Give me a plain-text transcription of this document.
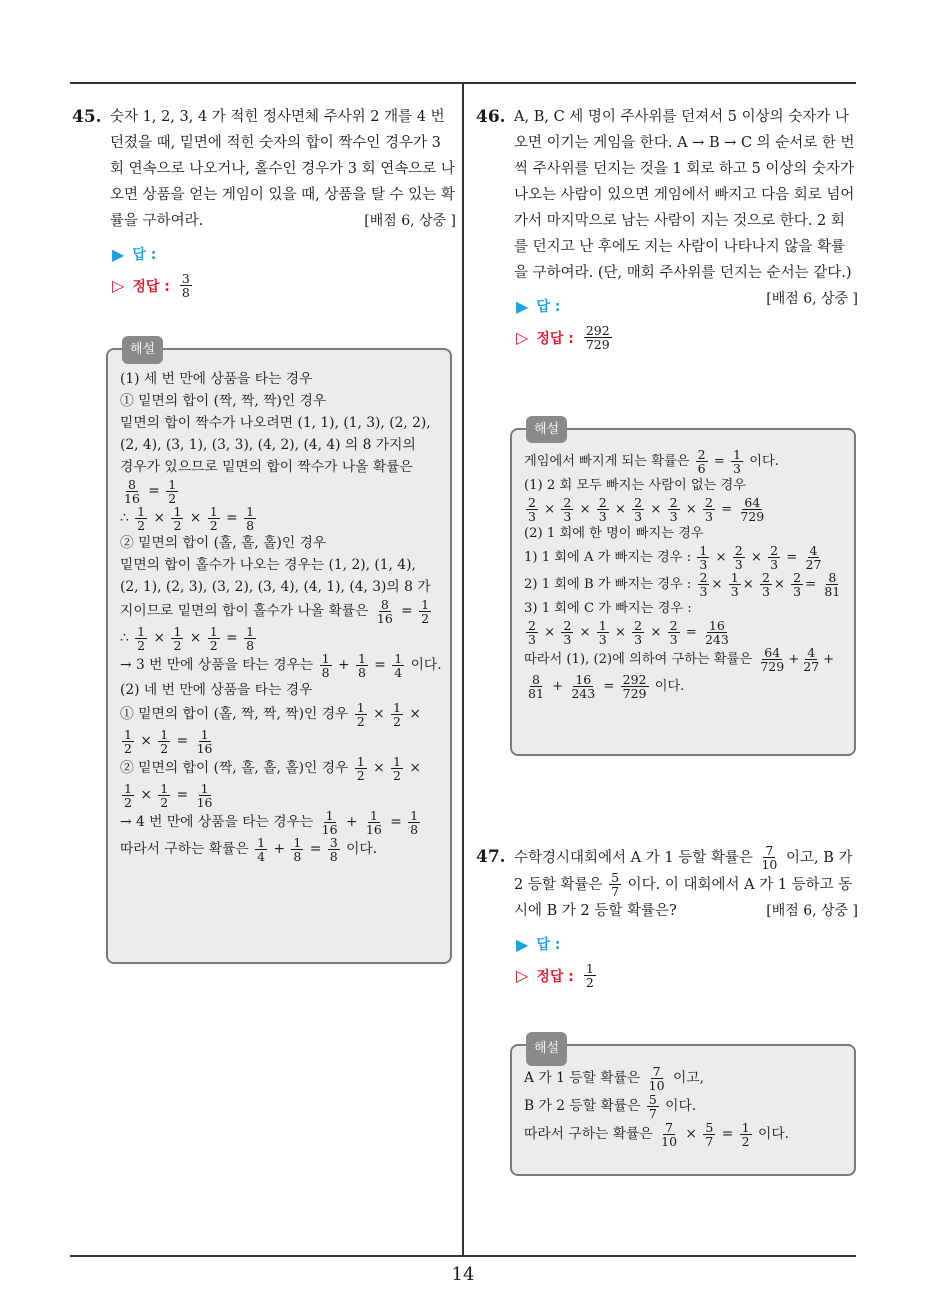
45. 숫자 1, 2, 3, 4 가 적힌 정사면체 주사위 2 개를 4 번 던졌을 때, 밑면에 적힌 숫자의 합이 짝수인 경우가 3 회 연속으로 나오거나, 홀수인 경우가 3 회 연속으로 나오면 상품을 얻는 게임이 있을 때, 상품을 탈 수 있는 확률을 구하여라.	[배점 6, 상중 ]
▶ 답 :
▷ 정답 : $\frac{3}{8}$
해설
(1) 세 번 만에 상품을 타는 경우
① 밑면의 합이 (짝, 짝, 짝)인 경우
밑면의 합이 짝수가 나오려면 (1, 1), (1, 3), (2, 2),
(2, 4), (3, 1), (3, 3), (4, 2), (4, 4) 의 8 가지의
경우가 있으므로 밑면의 합이 짝수가 나올 확률은
$\frac{8}{16} = \frac{1}{2}$
∴ $\frac{1}{2} \times \frac{1}{2} \times \frac{1}{2} = \frac{1}{8}$
② 밑면의 합이 (홀, 홀, 홀)인 경우
밑면의 합이 홀수가 나오는 경우는 (1, 2), (1, 4),
(2, 1), (2, 3), (3, 2), (3, 4), (4, 1), (4, 3)의 8 가
지이므로 밑면의 합이 홀수가 나올 확률은 $\frac{8}{16} = \frac{1}{2}$
∴ $\frac{1}{2} \times \frac{1}{2} \times \frac{1}{2} = \frac{1}{8}$
→ 3 번 만에 상품을 타는 경우는 $\frac{1}{8} + \frac{1}{8} = \frac{1}{4}$ 이다.
(2) 네 번 만에 상품을 타는 경우
① 밑면의 합이 (홀, 짝, 짝, 짝)인 경우 $\frac{1}{2} \times \frac{1}{2}$ ×
$\frac{1}{2} \times \frac{1}{2} = \frac{1}{16}$
② 밑면의 합이 (짝, 홀, 홀, 홀)인 경우 $\frac{1}{2} \times \frac{1}{2}$ ×
$\frac{1}{2} \times \frac{1}{2} = \frac{1}{16}$
→ 4 번 만에 상품을 타는 경우는 $\frac{1}{16} + \frac{1}{16} = \frac{1}{8}$
따라서 구하는 확률은 $\frac{1}{4} + \frac{1}{8} = \frac{3}{8}$ 이다.
46. A, B, C 세 명이 주사위를 던져서 5 이상의 숫자가 나오면 이기는 게임을 한다. A → B → C 의 순서로 한 번씩 주사위를 던지는 것을 1 회로 하고 5 이상의 숫자가 나오는 사람이 있으면 게임에서 빠지고 다음 회로 넘어가서 마지막으로 남는 사람이 지는 것으로 한다. 2 회를 던지고 난 후에도 지는 사람이 나타나지 않을 확률을 구하여라. (단, 매회 주사위를 던지는 순서는 같다.)
[배점 6, 상중 ]
▶ 답 :
▷ 정답 : $\frac{292}{729}$
해설
게임에서 빠지게 되는 확률은 $\frac{2}{6} = \frac{1}{3}$ 이다.
(1) 2 회 모두 빠지는 사람이 없는 경우
$\frac{2}{3} \times \frac{2}{3} \times \frac{2}{3} \times \frac{2}{3} \times \frac{2}{3} \times \frac{2}{3} = \frac{64}{729}$
(2) 1 회에 한 명이 빠지는 경우
1) 1 회에 A 가 빠지는 경우 : $\frac{1}{3} \times \frac{2}{3} \times \frac{2}{3} = \frac{4}{27}$
2) 1 회에 B 가 빠지는 경우 : $\frac{2}{3} \times \frac{1}{3} \times \frac{2}{3} \times \frac{2}{3} = \frac{8}{81}$
3) 1 회에 C 가 빠지는 경우 :
$\frac{2}{3} \times \frac{2}{3} \times \frac{1}{3} \times \frac{2}{3} \times \frac{2}{3} = \frac{16}{243}$
따라서 (1), (2)에 의하여 구하는 확률은 $\frac{64}{729} + \frac{4}{27}$ +
$\frac{8}{81} + \frac{16}{243} = \frac{292}{729}$ 이다.
47. 수학경시대회에서 A 가 1 등할 확률은 $\frac{7}{10}$ 이고, B 가 2 등할 확률은 $\frac{5}{7}$ 이다. 이 대회에서 A 가 1 등하고 동시에 B 가 2 등할 확률은?	[배점 6, 상중 ]
▶ 답 :
▷ 정답 : $\frac{1}{2}$
해설
A 가 1 등할 확률은 $\frac{7}{10}$ 이고,
B 가 2 등할 확률은 $\frac{5}{7}$ 이다.
따라서 구하는 확률은 $\frac{7}{10} \times \frac{5}{7} = \frac{1}{2}$ 이다.
14
